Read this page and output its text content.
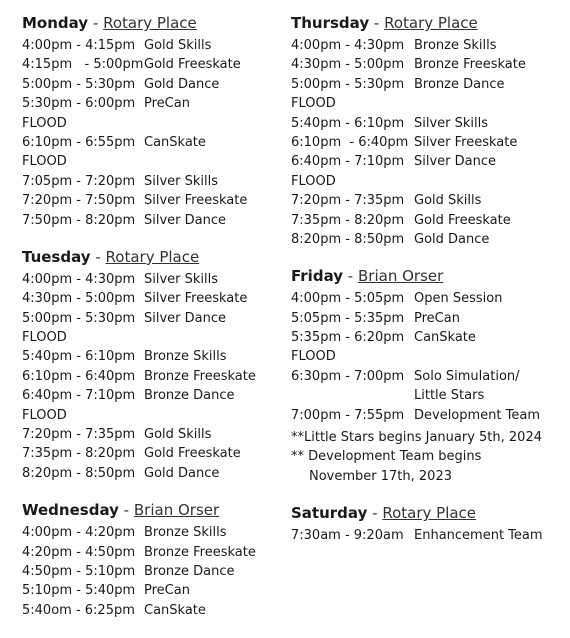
Monday - Rotary Place
4:00pm - 4:15pm Gold Skills
4:15pm   - 5:00pm Gold Freeskate
5:00pm - 5:30pm Gold Dance
5:30pm - 6:00pm PreCan
FLOOD
6:10pm - 6:55pm CanSkate
FLOOD
7:05pm - 7:20pm Silver Skills
7:20pm - 7:50pm Silver Freeskate
7:50pm - 8:20pm Silver Dance
Tuesday - Rotary Place
4:00pm - 4:30pm Silver Skills
4:30pm - 5:00pm Silver Freeskate
5:00pm - 5:30pm Silver Dance
FLOOD
5:40pm - 6:10pm Bronze Skills
6:10pm - 6:40pm Bronze Freeskate
6:40pm - 7:10pm Bronze Dance
FLOOD
7:20pm - 7:35pm Gold Skills
7:35pm - 8:20pm Gold Freeskate
8:20pm - 8:50pm Gold Dance
Wednesday - Brian Orser
4:00pm - 4:20pm Bronze Skills
4:20pm - 4:50pm Bronze Freeskate
4:50pm - 5:10pm Bronze Dance
5:10pm - 5:40pm PreCan
5:40om - 6:25pm CanSkate
Thursday - Rotary Place
4:00pm - 4:30pm Bronze Skills
4:30pm - 5:00pm Bronze Freeskate
5:00pm - 5:30pm Bronze Dance
FLOOD
5:40pm - 6:10pm Silver Skills
6:10pm  - 6:40pm Silver Freeskate
6:40pm - 7:10pm Silver Dance
FLOOD
7:20pm - 7:35pm Gold Skills
7:35pm - 8:20pm Gold Freeskate
8:20pm - 8:50pm Gold Dance
Friday - Brian Orser
4:00pm - 5:05pm Open Session
5:05pm - 5:35pm PreCan
5:35pm - 6:20pm CanSkate
FLOOD
6:30pm - 7:00pm Solo Simulation/
Little Stars
7:00pm - 7:55pm Development Team
**Little Stars begins January 5th, 2024
** Development Team begins
November 17th, 2023
Saturday - Rotary Place
7:30am - 9:20am Enhancement Team
